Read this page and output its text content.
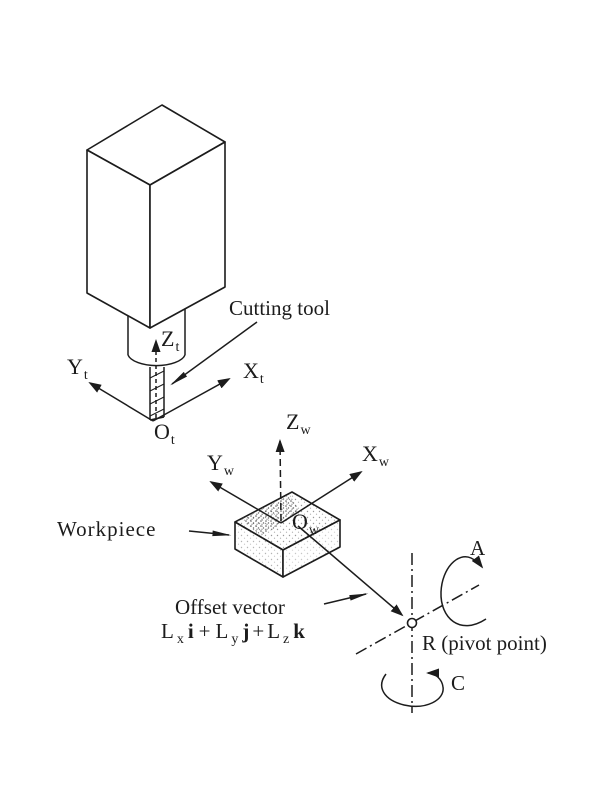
$Z_t$
$Y_t$	$X_t$
$O_t$
Cutting tool
$Z_w$
$Y_w$
$X_w$
$O_w$
Workpiece
Offset vector
L $_x$ i + L $_y$ j + L $_z$ k
A
C
R (pivot point)
